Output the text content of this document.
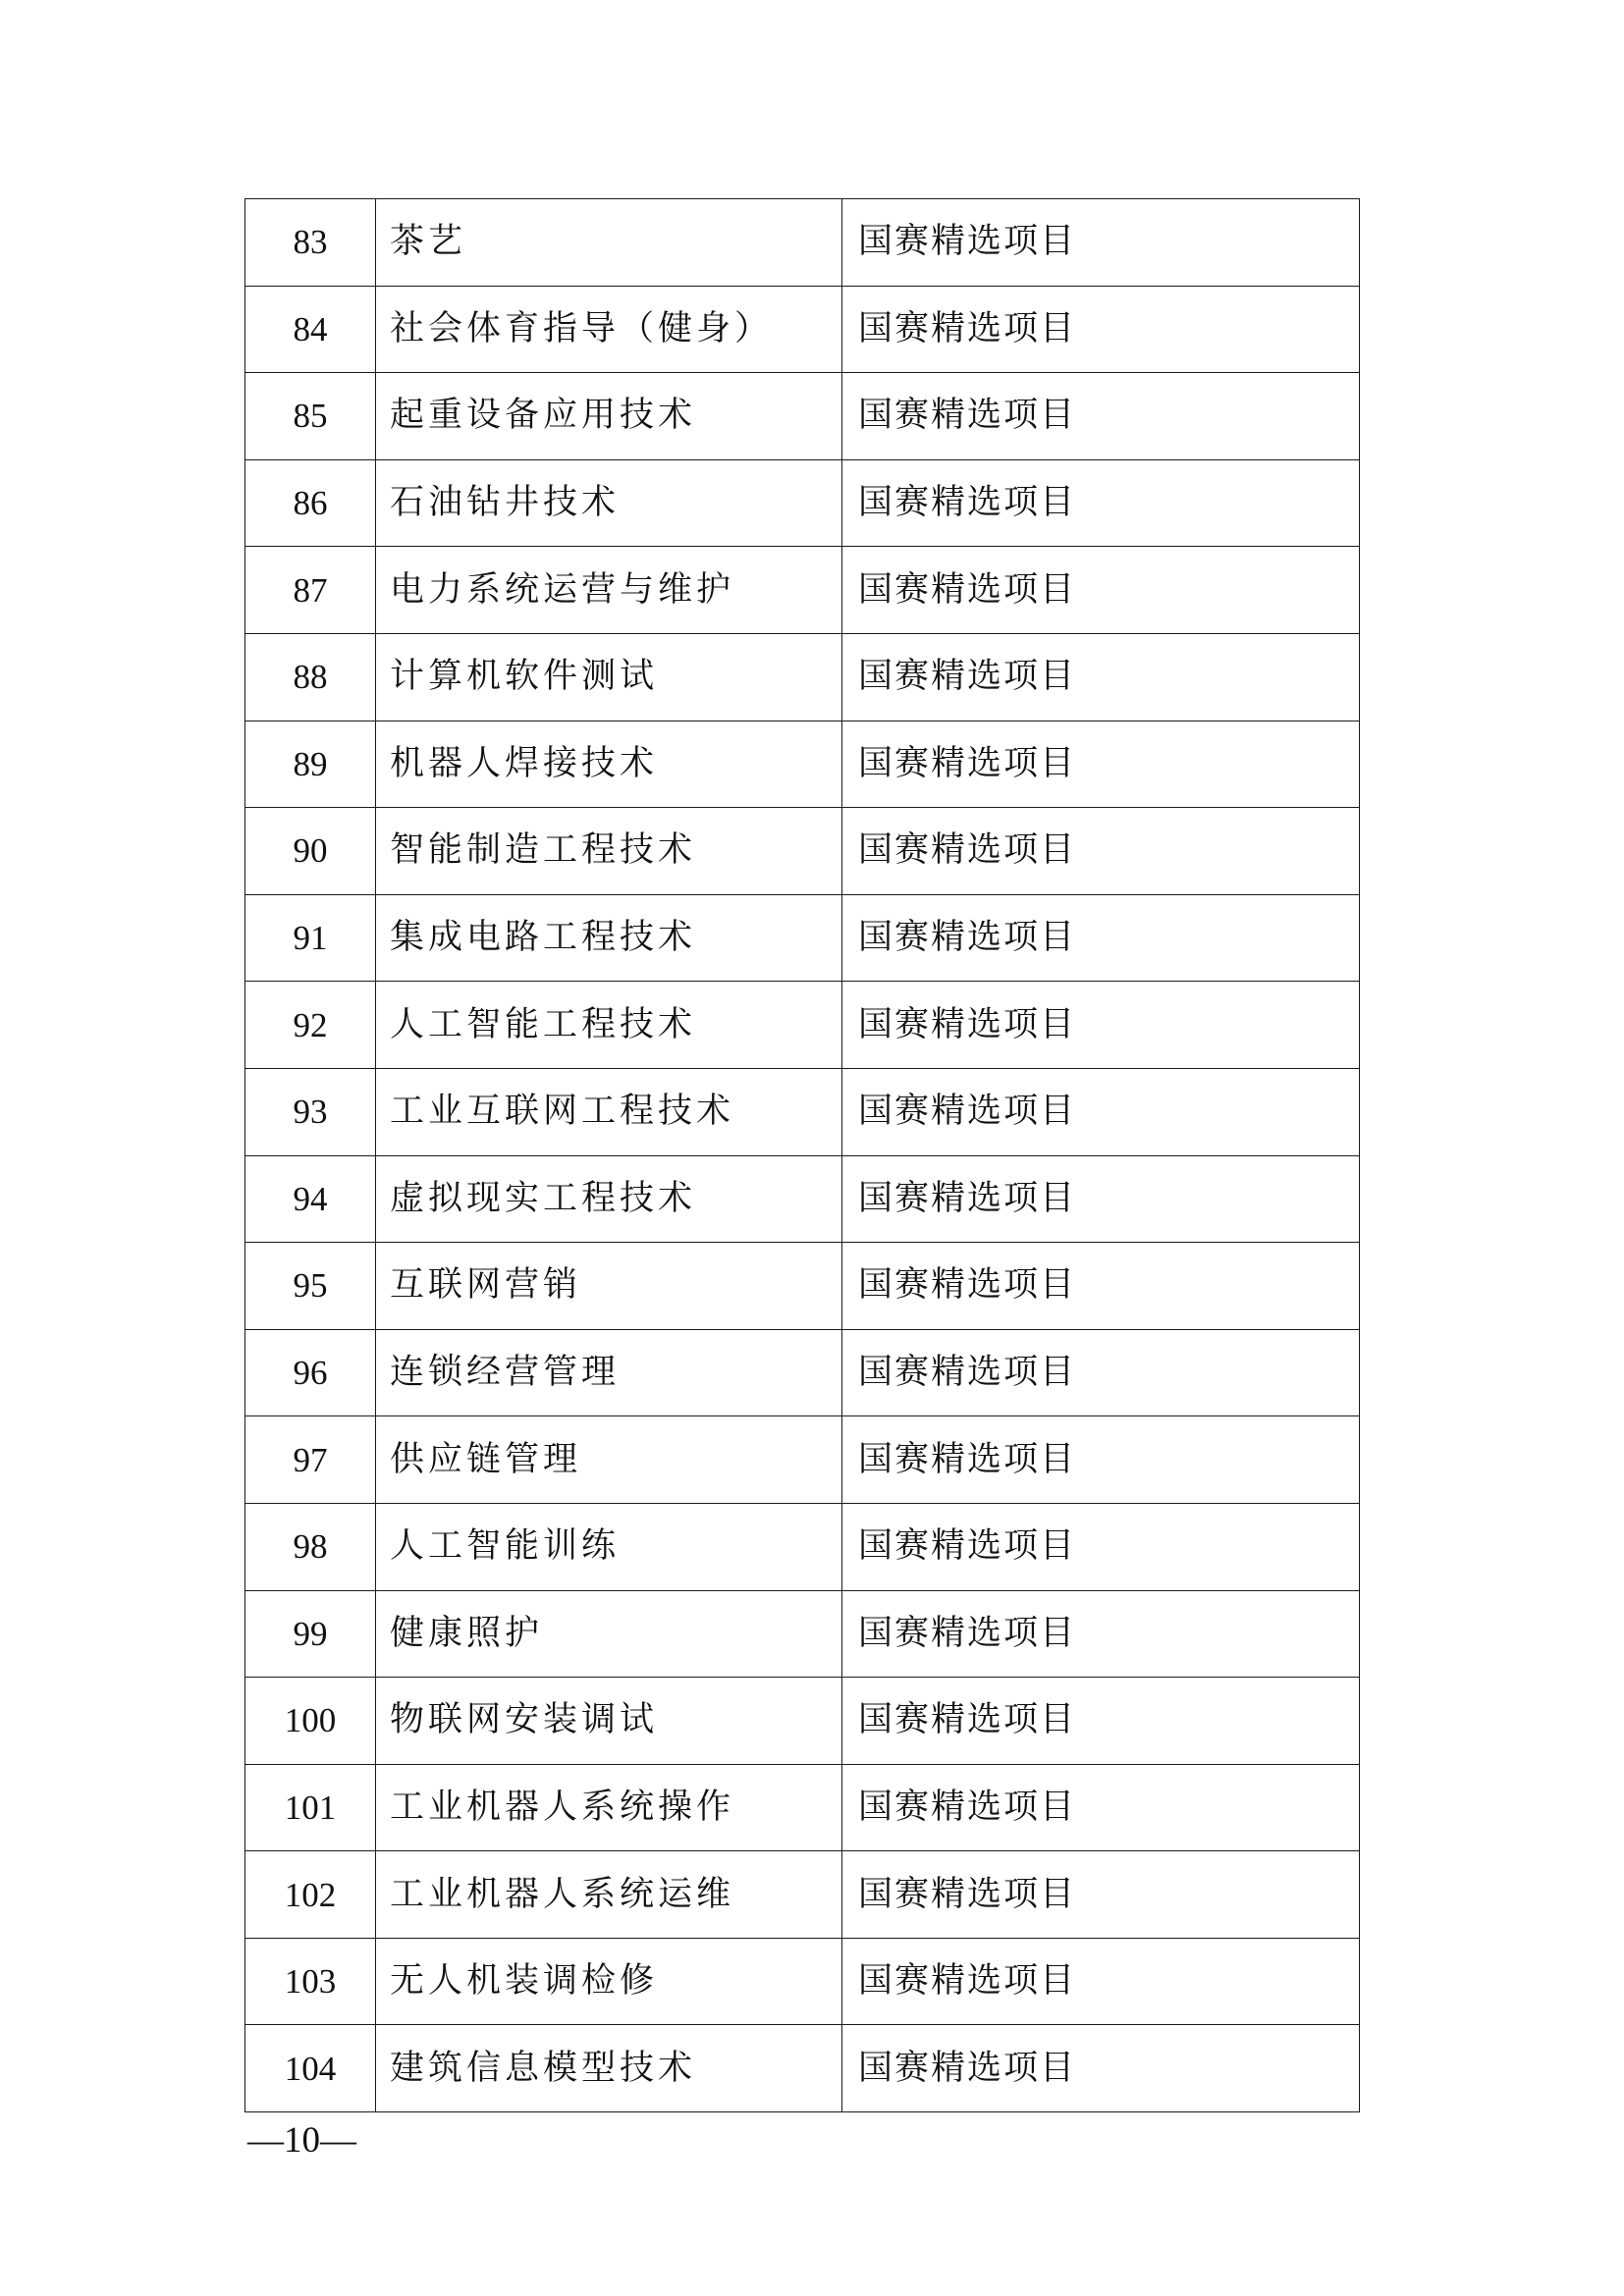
83	茶艺	国赛精选项目
84	社会体育指导（健身）	国赛精选项目
85	起重设备应用技术	国赛精选项目
86	石油钻井技术	国赛精选项目
87	电力系统运营与维护	国赛精选项目
88	计算机软件测试	国赛精选项目
89	机器人焊接技术	国赛精选项目
90	智能制造工程技术	国赛精选项目
91	集成电路工程技术	国赛精选项目
92	人工智能工程技术	国赛精选项目
93	工业互联网工程技术	国赛精选项目
94	虚拟现实工程技术	国赛精选项目
95	互联网营销	国赛精选项目
96	连锁经营管理	国赛精选项目
97	供应链管理	国赛精选项目
98	人工智能训练	国赛精选项目
99	健康照护	国赛精选项目
100	物联网安装调试	国赛精选项目
101	工业机器人系统操作	国赛精选项目
102	工业机器人系统运维	国赛精选项目
103	无人机装调检修	国赛精选项目
104	建筑信息模型技术	国赛精选项目
—10—
